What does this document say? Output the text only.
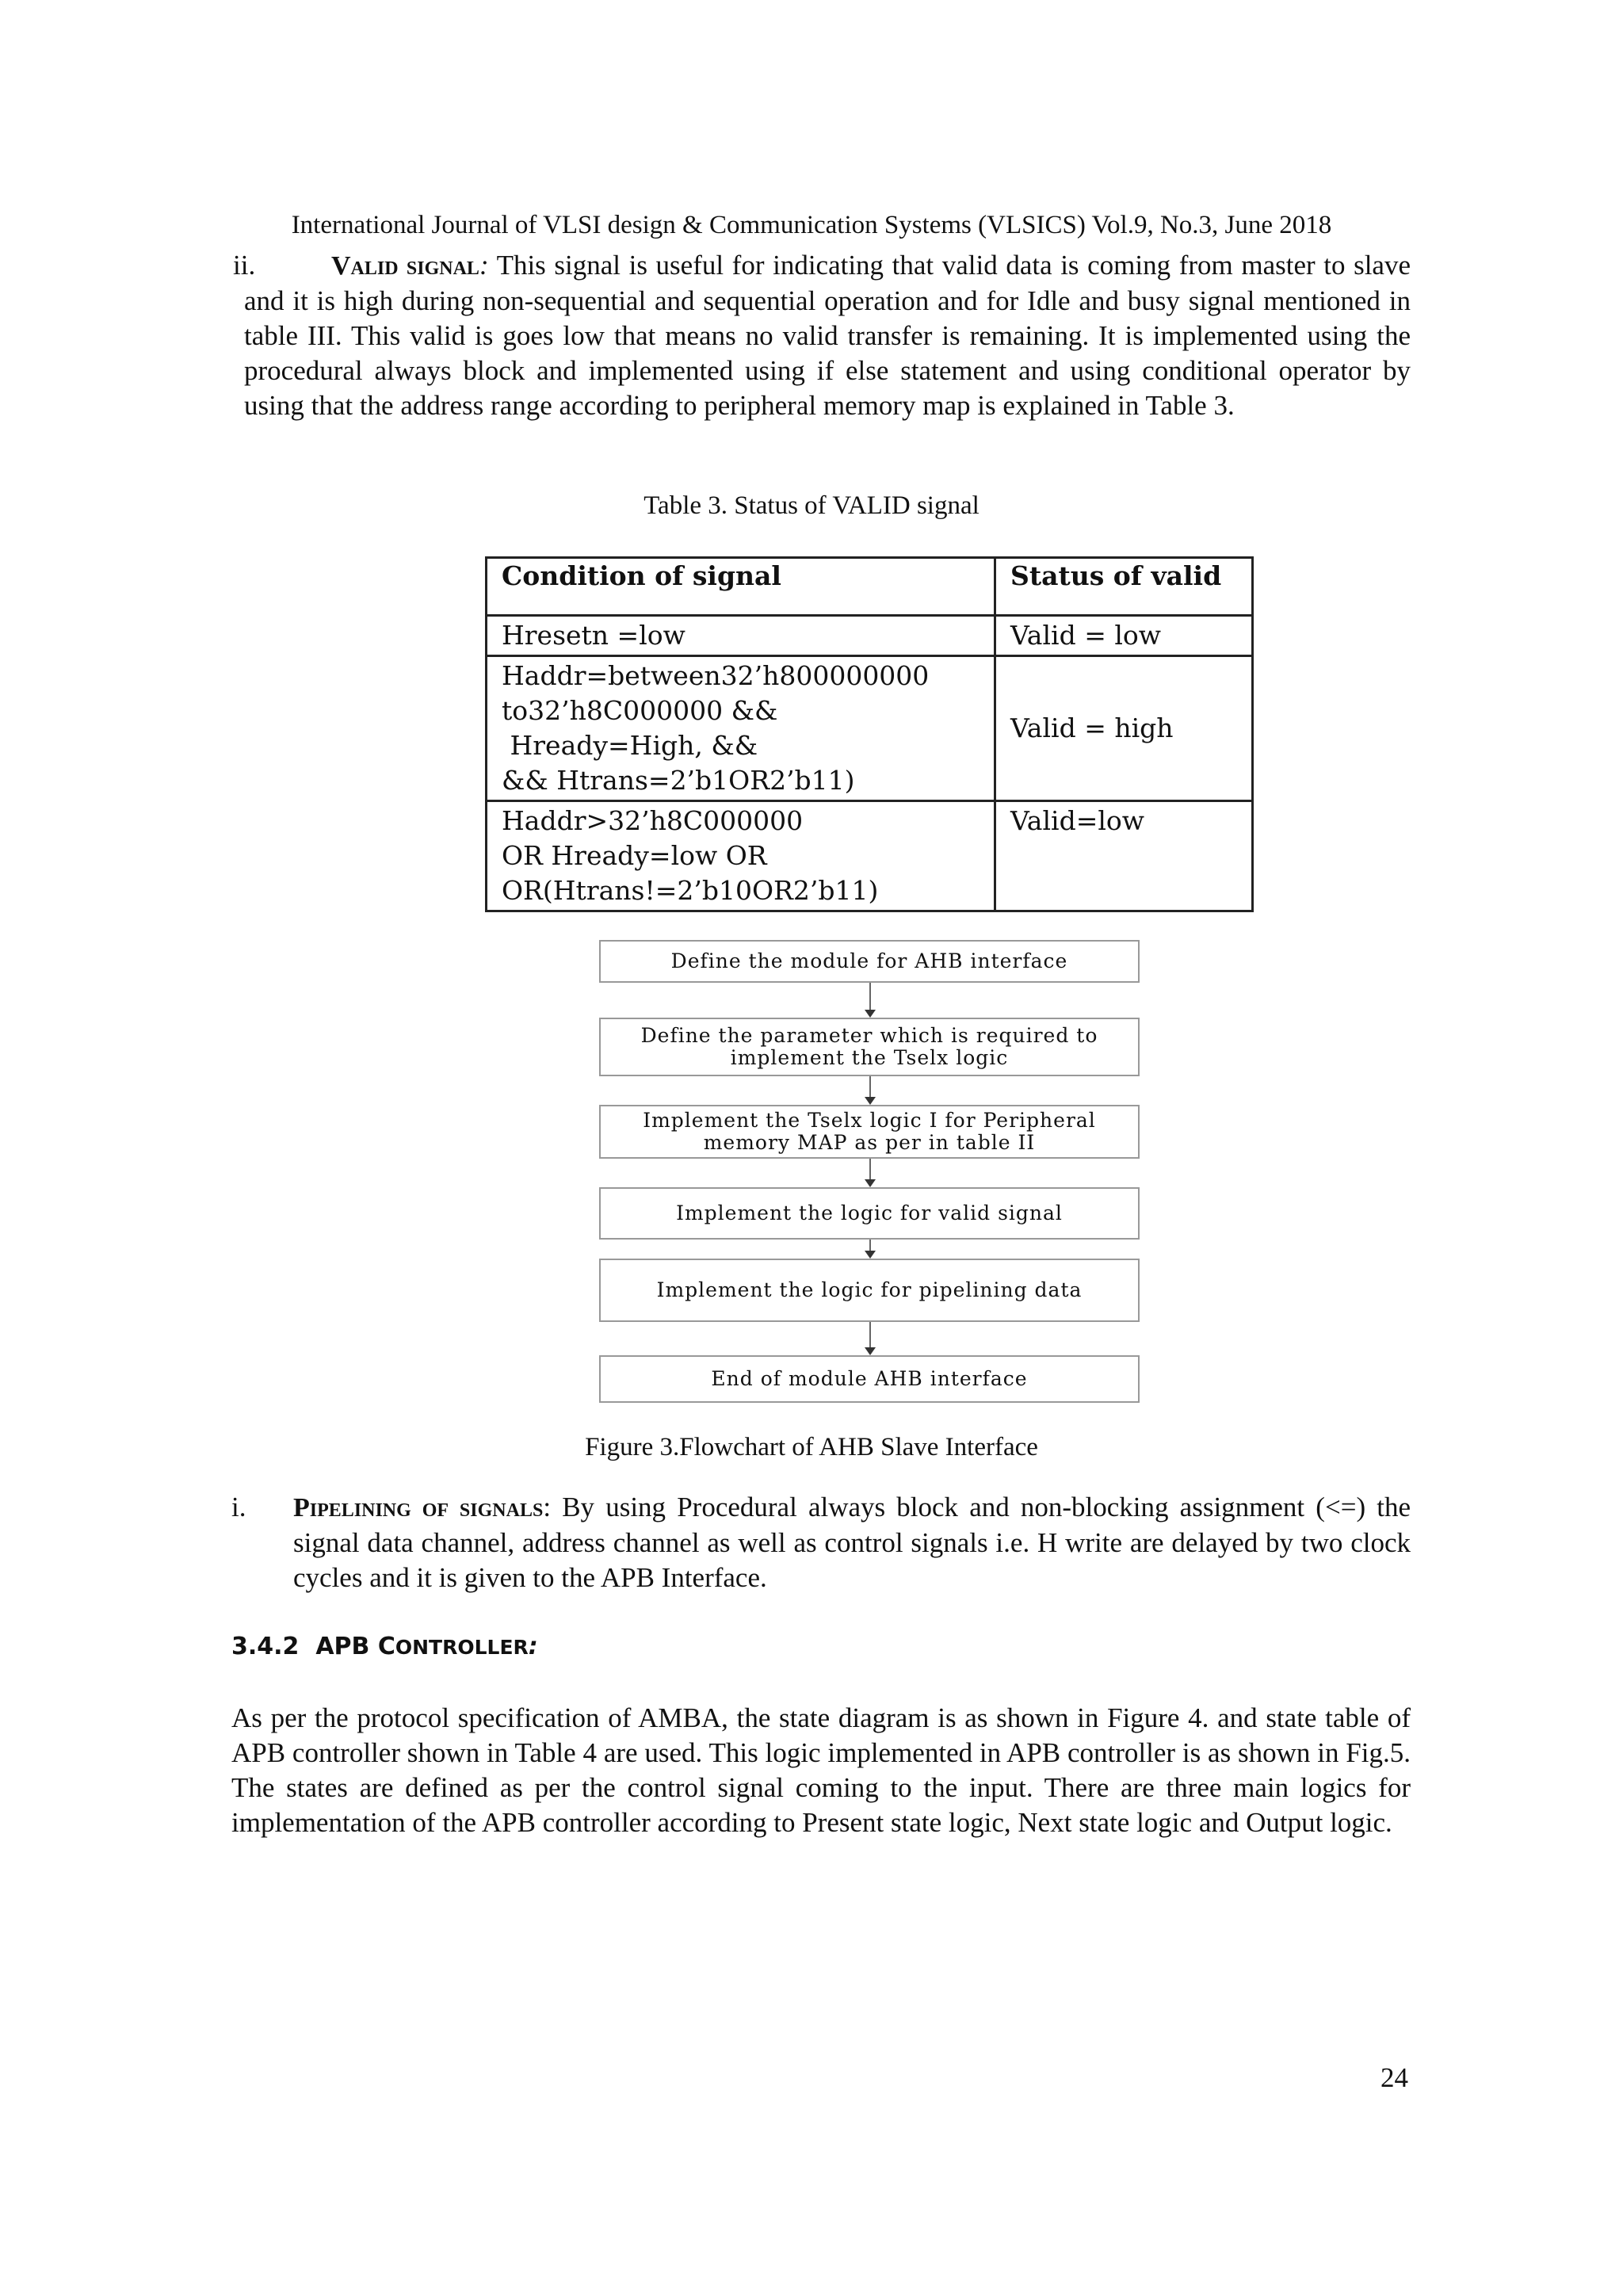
International Journal of VLSI design & Communication Systems (VLSICS) Vol.9, No.3, June 2018
ii.	Valid signal: This signal is useful for indicating that valid data is coming from master to slave and it is high during non-sequential and sequential operation and for Idle and busy signal mentioned in table III. This valid is goes low that means no valid transfer is remaining. It is implemented using the procedural always block and implemented using if else statement and using conditional operator by using that the address range according to peripheral memory map is explained in Table 3.
Table 3. Status of VALID signal
Condition of signal	Status of valid

Hresetn =low	Valid = low

Haddr=between32’h800000000
to32’h8C000000 &&
Hready=High, &&
&& Htrans=2’b1OR2’b11)	Valid = high

Haddr>32’h8C000000
OR Hready=low OR
OR(Htrans!=2’b10OR2’b11)	Valid=low
Define the module for AHB interface
Define the parameter which is required to implement the Tselx logic
Implement the Tselx logic I for Peripheral memory MAP as per in table II
Implement the logic for valid signal
Implement the logic for pipelining data
End of module AHB interface
Figure 3.Flowchart of AHB Slave Interface
i. Pipelining of signals: By using Procedural always block and non-blocking assignment (<=) the signal data channel, address channel as well as control signals i.e. H write are delayed by two clock cycles and it is given to the APB Interface.
3.4.2 APB CONTROLLER:
As per the protocol specification of AMBA, the state diagram is as shown in Figure 4. and state table of APB controller shown in Table 4 are used. This logic implemented in APB controller is as shown in Fig.5. The states are defined as per the control signal coming to the input. There are three main logics for implementation of the APB controller according to Present state logic, Next state logic and Output logic.
24
